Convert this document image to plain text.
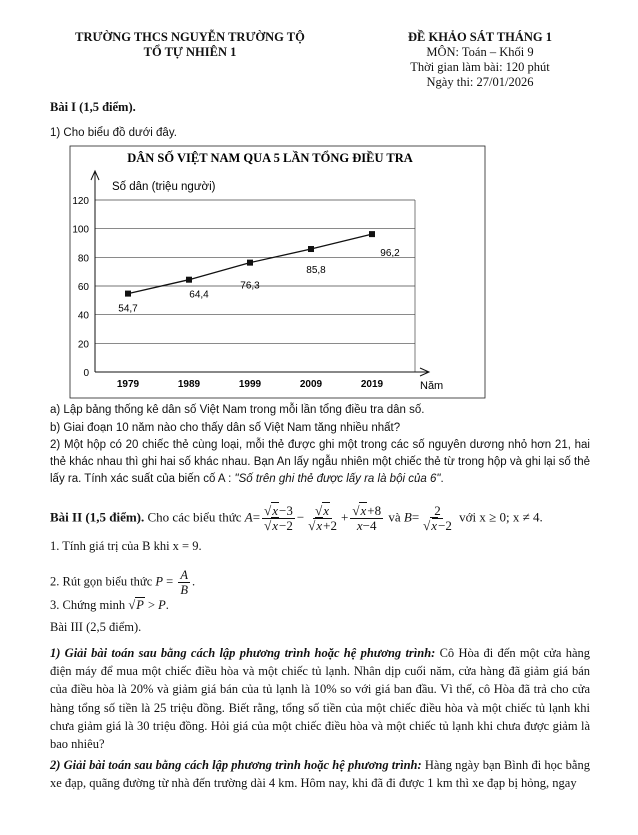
TRƯỜNG THCS NGUYỄN TRƯỜNG TỘ
TỔ TỰ NHIÊN 1
ĐỀ KHẢO SÁT THÁNG 1
MÔN: Toán – Khối 9
Thời gian làm bài: 120 phút
Ngày thi: 27/01/2026
Bài I (1,5 điểm).
1) Cho biểu đồ dưới đây.
DÂN SỐ VIỆT NAM QUA 5 LẦN TỔNG ĐIỀU TRA
Số dân (triệu người)
Năm
0
20
40
60
80
100
120
1979	1989	1999	2009	2019
54,7
64,4
76,3
85,8
96,2
a) Lập bảng thống kê dân số Việt Nam trong mỗi lần tổng điều tra dân số.
b) Giai đoạn 10 năm nào cho thấy dân số Việt Nam tăng nhiều nhất?
2) Một hộp có 20 chiếc thẻ cùng loại, mỗi thẻ được ghi một trong các số nguyên dương nhỏ hơn 21, hai thẻ khác nhau thì ghi hai số khác nhau. Bạn An lấy ngẫu nhiên một chiếc thẻ từ trong hộp và ghi lại số thẻ lấy ra. Tính xác suất của biến cố A : "Số trên ghi thẻ được lấy ra là bội của 6".
Bài II (1,5 điểm). Cho các biểu thức $A= \frac{√x-3}{√x-2} - \frac{√x}{√x+2} + \frac{√x+8}{x-4}$ và $B= \frac{2}{√x-2}$ với x ≥ 0; x ≠ 4.
1. Tính giá trị của B khi x = 9.
2. Rút gọn biểu thức $P = \frac{A}{B}$ .
3. Chứng minh √P > P.
Bài III (2,5 điểm).
1) Giải bài toán sau bằng cách lập phương trình hoặc hệ phương trình: Cô Hòa đi đến một cửa hàng điện máy để mua một chiếc điều hòa và một chiếc tủ lạnh. Nhân dịp cuối năm, cửa hàng đã giảm giá bán của điều hòa là 20% và giảm giá bán của tủ lạnh là 10% so với giá ban đầu. Vì thế, cô Hòa đã trả cho cửa hàng tổng số tiền là 25 triệu đồng. Biết rằng, tổng số tiền của một chiếc điều hòa và một chiếc tủ lạnh khi chưa giảm giá là 30 triệu đồng. Hỏi giá của một chiếc điều hòa và một chiếc tủ lạnh khi chưa được giảm là bao nhiêu?
2) Giải bài toán sau bằng cách lập phương trình hoặc hệ phương trình: Hàng ngày bạn Bình đi học bằng xe đạp, quãng đường từ nhà đến trường dài 4 km. Hôm nay, khi đã đi được 1 km thì xe đạp bị hỏng, ngay
